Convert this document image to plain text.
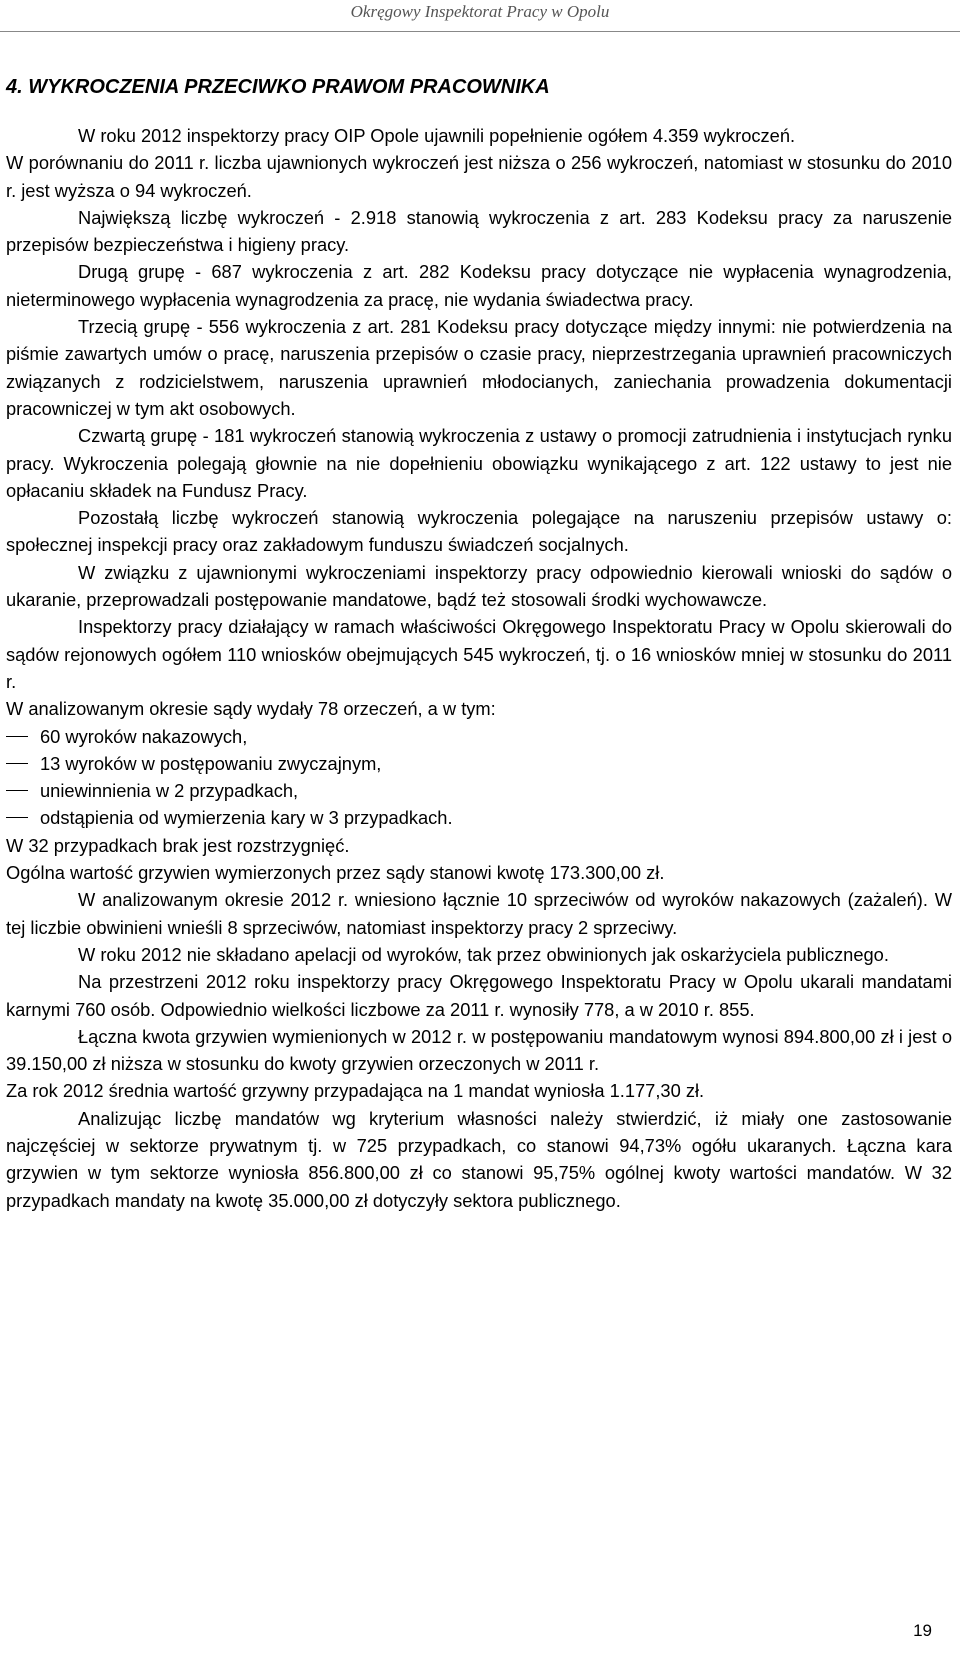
Okręgowy Inspektorat Pracy w Opolu
4. WYKROCZENIA PRZECIWKO PRAWOM PRACOWNIKA

W roku 2012 inspektorzy pracy OIP Opole ujawnili popełnienie ogółem 4.359 wykroczeń.

W porównaniu do 2011 r. liczba ujawnionych wykroczeń jest niższa o 256 wykroczeń, natomiast w stosunku do 2010 r. jest wyższa o 94 wykroczeń.

Największą liczbę wykroczeń - 2.918 stanowią wykroczenia z art. 283 Kodeksu pracy za naruszenie przepisów bezpieczeństwa i higieny pracy.

Drugą grupę - 687 wykroczenia z art. 282 Kodeksu pracy dotyczące nie wypłacenia wynagrodzenia, nieterminowego wypłacenia wynagrodzenia za pracę, nie wydania świadectwa pracy.

Trzecią grupę - 556 wykroczenia z art. 281 Kodeksu pracy dotyczące między innymi: nie potwierdzenia na piśmie zawartych umów o pracę, naruszenia przepisów o czasie pracy, nieprzestrzegania uprawnień pracowniczych związanych z rodzicielstwem, naruszenia uprawnień młodocianych, zaniechania prowadzenia dokumentacji pracowniczej w tym akt osobowych.

Czwartą grupę - 181 wykroczeń stanowią wykroczenia z ustawy o promocji zatrudnienia i instytucjach rynku pracy. Wykroczenia polegają głownie na nie dopełnieniu obowiązku wynikającego z art. 122 ustawy to jest nie opłacaniu składek na Fundusz Pracy.

Pozostałą liczbę wykroczeń stanowią wykroczenia polegające na naruszeniu przepisów ustawy o: społecznej inspekcji pracy oraz zakładowym funduszu świadczeń socjalnych.

W związku z ujawnionymi wykroczeniami inspektorzy pracy odpowiednio kierowali wnioski do sądów o ukaranie, przeprowadzali postępowanie mandatowe, bądź też stosowali środki wychowawcze.

Inspektorzy pracy działający w ramach właściwości Okręgowego Inspektoratu Pracy w Opolu skierowali do sądów rejonowych ogółem 110 wniosków obejmujących 545 wykroczeń, tj. o 16 wniosków mniej w stosunku do 2011 r.

W analizowanym okresie sądy wydały 78 orzeczeń, a w tym:

60 wyroków nakazowych,
13 wyroków w postępowaniu zwyczajnym,
uniewinnienia w 2 przypadkach,
odstąpienia od wymierzenia kary w 3 przypadkach.

W 32 przypadkach brak jest rozstrzygnięć.

Ogólna wartość grzywien wymierzonych przez sądy stanowi kwotę 173.300,00 zł.

W analizowanym okresie 2012 r. wniesiono łącznie 10 sprzeciwów od wyroków nakazowych (zażaleń). W tej liczbie obwinieni wnieśli 8 sprzeciwów, natomiast inspektorzy pracy 2 sprzeciwy.

W roku 2012 nie składano apelacji od wyroków, tak przez obwinionych jak oskarżyciela publicznego.

Na przestrzeni 2012 roku inspektorzy pracy Okręgowego Inspektoratu Pracy w Opolu ukarali mandatami karnymi 760 osób. Odpowiednio wielkości liczbowe za 2011 r. wynosiły 778, a w 2010 r. 855.

Łączna kwota grzywien wymienionych w 2012 r. w postępowaniu mandatowym wynosi 894.800,00 zł i jest o 39.150,00 zł niższa w stosunku do kwoty grzywien orzeczonych w 2011 r.

Za rok 2012 średnia wartość grzywny przypadająca na 1 mandat wyniosła 1.177,30 zł.

Analizując liczbę mandatów wg kryterium własności należy stwierdzić, iż miały one zastosowanie najczęściej w sektorze prywatnym tj. w 725 przypadkach, co stanowi 94,73% ogółu ukaranych. Łączna kara grzywien w tym sektorze wyniosła 856.800,00 zł co stanowi 95,75% ogólnej kwoty wartości mandatów. W 32 przypadkach mandaty na kwotę 35.000,00 zł dotyczyły sektora publicznego.

19
